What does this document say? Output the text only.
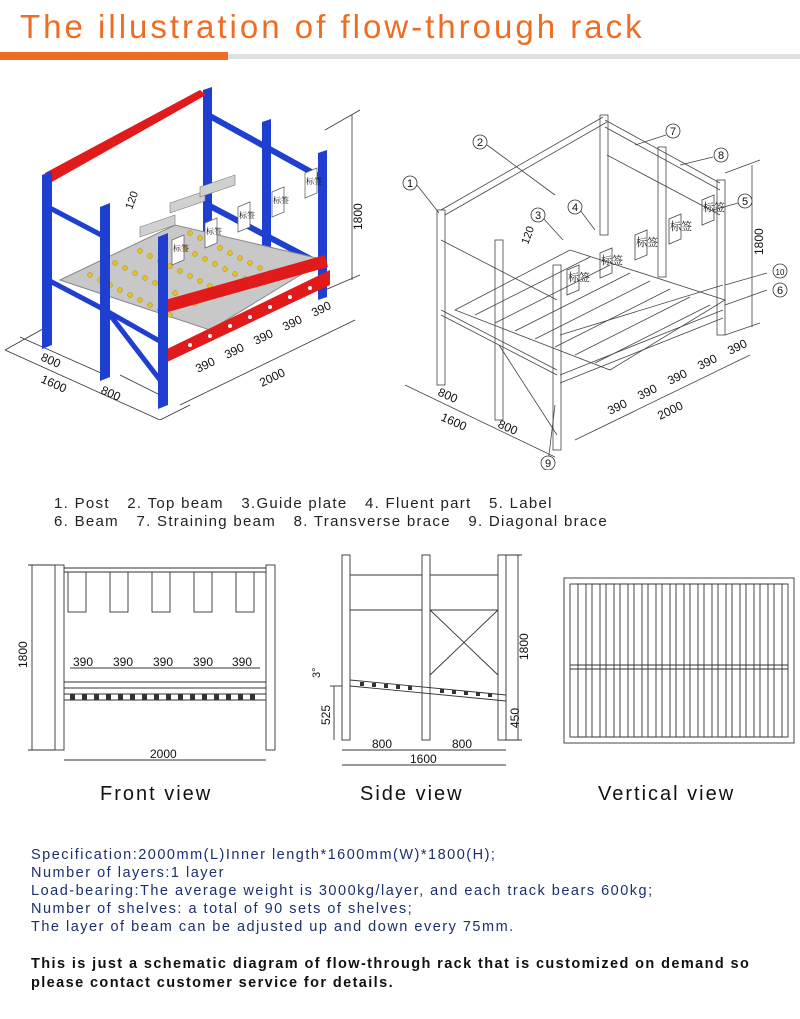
The illustration of flow-through rack
标签
标签
标签
标签
标签
1800
120
800
800
1600	2000
390
390
390
390
390
1
2
3
4	5
6
7
8
9
10
标签
标签
标签
标签
标签
1800
120
800
800
1600	2000
390
390
390
390
390
1. Post 2. Top beam 3.Guide plate 4. Fluent part 5. Label
6. Beam 7. Straining beam 8. Transverse brace 9. Diagonal brace
1800	390 390 390 390 390
2000
Front view
1800
3°
525	450
800	800
1600
Side view	Vertical view
Specification:2000mm(L)Inner length*1600mm(W)*1800(H);
Number of layers:1 layer
Load-bearing:The average weight is 3000kg/layer, and each track bears 600kg;
Number of shelves: a total of 90 sets of shelves;
The layer of beam can be adjusted up and down every 75mm.
This is just a schematic diagram of flow-through rack that is customized on demand so please contact customer service for details.
